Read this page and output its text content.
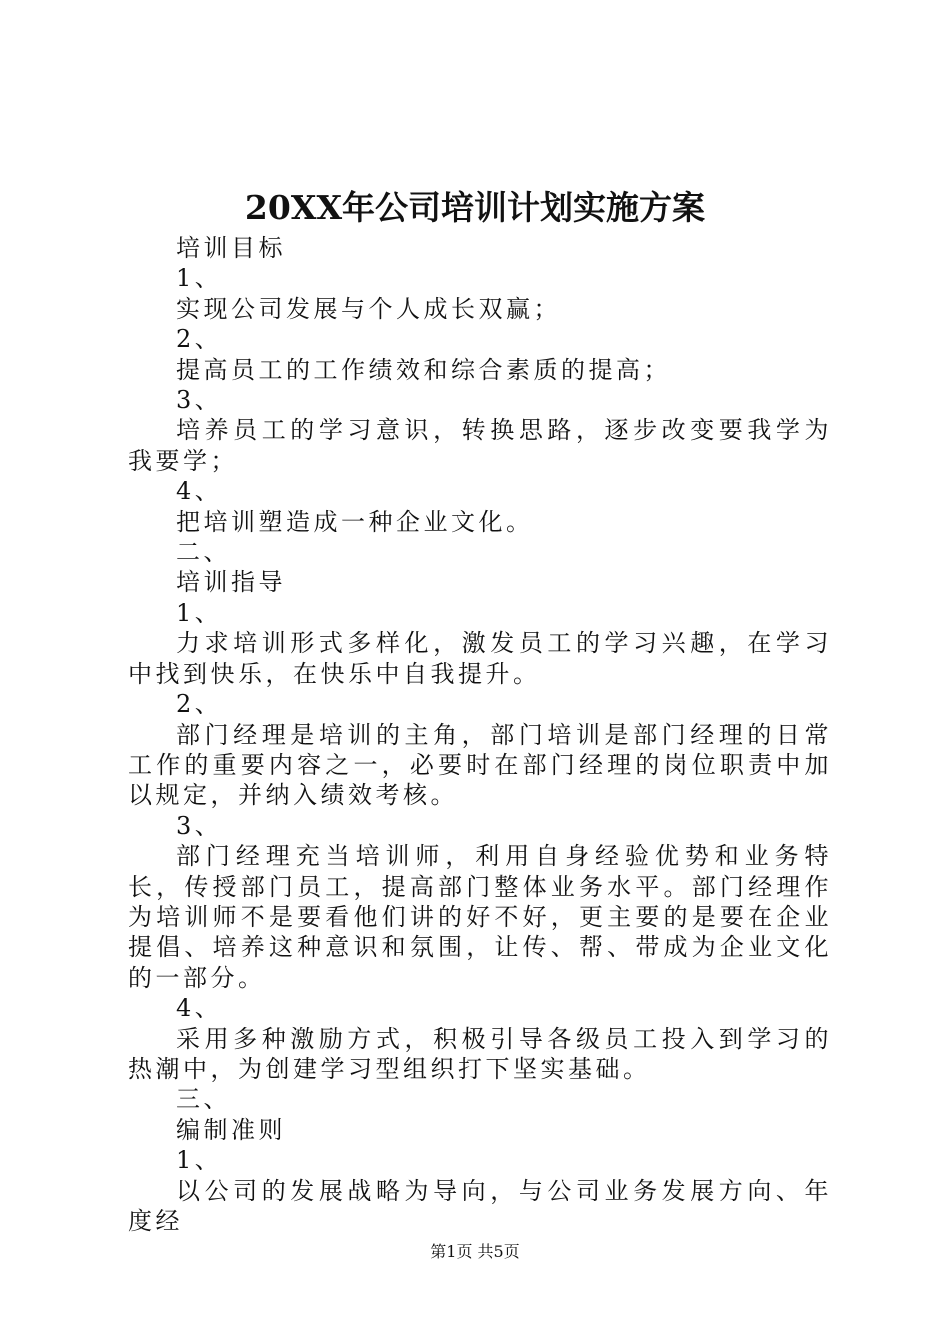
20XX年公司培训计划实施方案

培训目标

1、

实现公司发展与个人成长双赢；

2、

提高员工的工作绩效和综合素质的提高；

3、

培养员工的学习意识，转换思路，逐步改变要我学为我要学；

4、

把培训塑造成一种企业文化。

二、

培训指导

1、

力求培训形式多样化，激发员工的学习兴趣，在学习中找到快乐，在快乐中自我提升。

2、

部门经理是培训的主角，部门培训是部门经理的日常工作的重要内容之一，必要时在部门经理的岗位职责中加以规定，并纳入绩效考核。

3、

部门经理充当培训师，利用自身经验优势和业务特长，传授部门员工，提高部门整体业务水平。部门经理作为培训师不是要看他们讲的好不好，更主要的是要在企业提倡、培养这种意识和氛围，让传、帮、带成为企业文化的一部分。

4、

采用多种激励方式，积极引导各级员工投入到学习的热潮中，为创建学习型组织打下坚实基础。

三、

编制准则

1、

以公司的发展战略为导向，与公司业务发展方向、年度经

第1页 共5页
